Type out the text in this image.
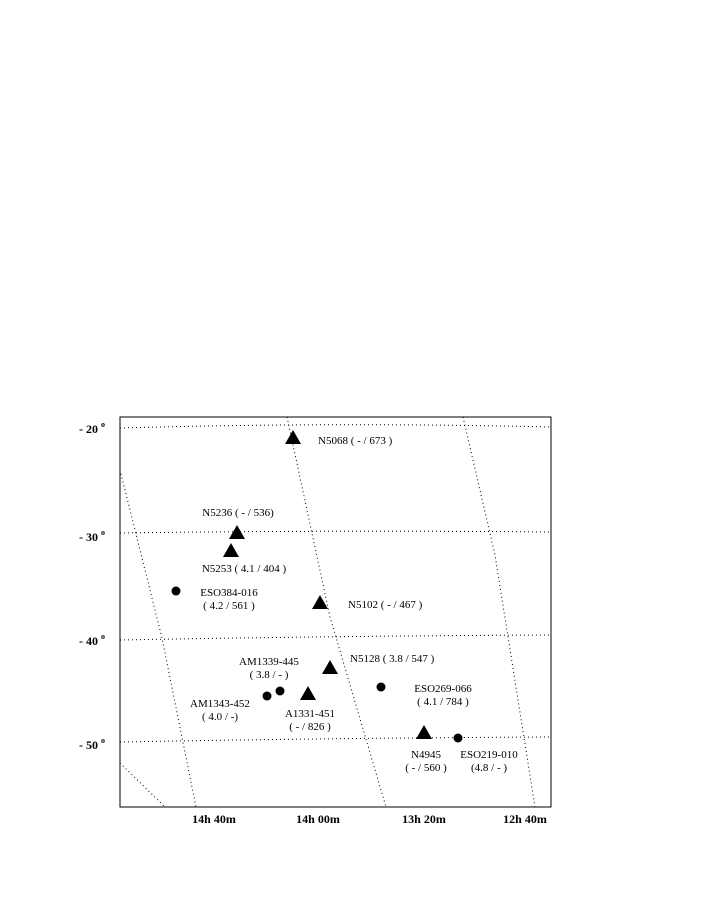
- 20 $^o$
- 30 $^o$
- 40 $^o$
- 50 $^o$
14h 40m	14h 00m	13h 20m	12h 40m
N5068 ( - / 673 )
N5236 ( - / 536)
N5253 ( 4.1 / 404 )
ESO384-016
( 4.2 / 561 )	N5102 ( - / 467 )
N5128 ( 3.8 / 547 )
AM1339-445
( 3.8 / - )
AM1343-452
( 4.0 / -)	A1331-451
( - / 826 )
ESO269-066
( 4.1 / 784 )
N4945
( - / 560 )
ESO219-010
(4.8 / - )
